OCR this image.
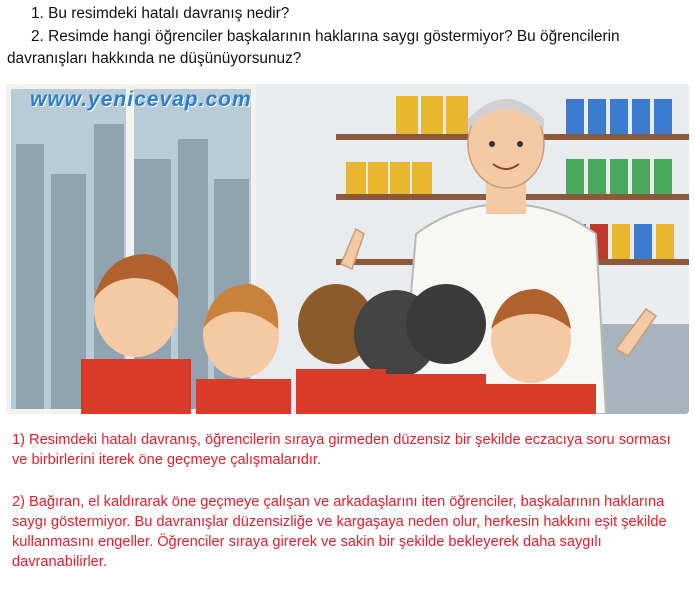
1. Bu resimdeki hatalı davranış nedir?
2. Resimde hangi öğrenciler başkalarının haklarına saygı göstermiyor? Bu öğrencilerin davranışları hakkında ne düşünüyorsunuz?
www.yenicevap.com

1) Resimdeki hatalı davranış, öğrencilerin sıraya girmeden düzensiz bir şekilde eczacıya soru sorması ve birbirlerini iterek öne geçmeye çalışmalarıdır.

2) Bağıran, el kaldırarak öne geçmeye çalışan ve arkadaşlarını iten öğrenciler, başkalarının haklarına saygı göstermiyor. Bu davranışlar düzensizliğe ve kargaşaya neden olur, herkesin hakkını eşit şekilde kullanmasını engeller. Öğrenciler sıraya girerek ve sakin bir şekilde bekleyerek daha saygılı davranabilirler.
